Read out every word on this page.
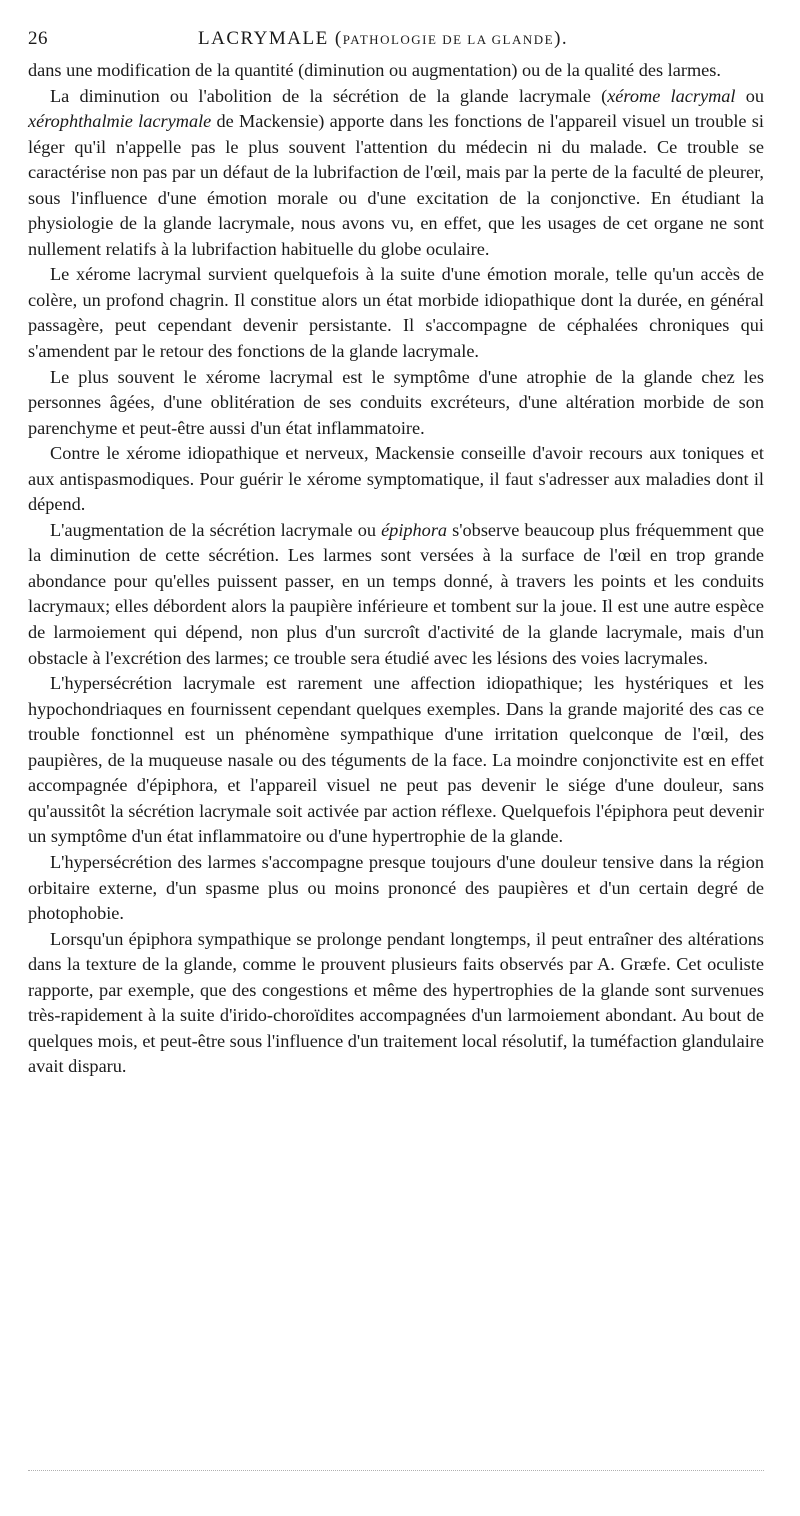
26	LACRYMALE (PATHOLOGIE DE LA GLANDE).

dans une modification de la quantité (diminution ou augmentation) ou de la qualité des larmes.

La diminution ou l'abolition de la sécrétion de la glande lacrymale (xérome lacrymal ou xérophthalmie lacrymale de Mackensie) apporte dans les fonctions de l'appareil visuel un trouble si léger qu'il n'appelle pas le plus souvent l'attention du médecin ni du malade. Ce trouble se caractérise non pas par un défaut de la lubrifaction de l'œil, mais par la perte de la faculté de pleurer, sous l'influence d'une émotion morale ou d'une excitation de la conjonctive. En étudiant la physiologie de la glande lacrymale, nous avons vu, en effet, que les usages de cet organe ne sont nullement relatifs à la lubrifaction habituelle du globe oculaire.

Le xérome lacrymal survient quelquefois à la suite d'une émotion morale, telle qu'un accès de colère, un profond chagrin. Il constitue alors un état morbide idiopathique dont la durée, en général passagère, peut cependant devenir persistante. Il s'accompagne de céphalées chroniques qui s'amendent par le retour des fonctions de la glande lacrymale.

Le plus souvent le xérome lacrymal est le symptôme d'une atrophie de la glande chez les personnes âgées, d'une oblitération de ses conduits excréteurs, d'une altération morbide de son parenchyme et peut-être aussi d'un état inflammatoire.

Contre le xérome idiopathique et nerveux, Mackensie conseille d'avoir recours aux toniques et aux antispasmodiques. Pour guérir le xérome symptomatique, il faut s'adresser aux maladies dont il dépend.

L'augmentation de la sécrétion lacrymale ou épiphora s'observe beaucoup plus fréquemment que la diminution de cette sécrétion. Les larmes sont versées à la surface de l'œil en trop grande abondance pour qu'elles puissent passer, en un temps donné, à travers les points et les conduits lacrymaux; elles débordent alors la paupière inférieure et tombent sur la joue. Il est une autre espèce de larmoiement qui dépend, non plus d'un surcroît d'activité de la glande lacrymale, mais d'un obstacle à l'excrétion des larmes; ce trouble sera étudié avec les lésions des voies lacrymales.

L'hypersécrétion lacrymale est rarement une affection idiopathique; les hystériques et les hypochondriaques en fournissent cependant quelques exemples. Dans la grande majorité des cas ce trouble fonctionnel est un phénomène sympathique d'une irritation quelconque de l'œil, des paupières, de la muqueuse nasale ou des téguments de la face. La moindre conjonctivite est en effet accompagnée d'épiphora, et l'appareil visuel ne peut pas devenir le siége d'une douleur, sans qu'aussitôt la sécrétion lacrymale soit activée par action réflexe. Quelquefois l'épiphora peut devenir un symptôme d'un état inflammatoire ou d'une hypertrophie de la glande.

L'hypersécrétion des larmes s'accompagne presque toujours d'une douleur tensive dans la région orbitaire externe, d'un spasme plus ou moins prononcé des paupières et d'un certain degré de photophobie.

Lorsqu'un épiphora sympathique se prolonge pendant longtemps, il peut entraîner des altérations dans la texture de la glande, comme le prouvent plusieurs faits observés par A. Græfe. Cet oculiste rapporte, par exemple, que des congestions et même des hypertrophies de la glande sont survenues très-rapidement à la suite d'irido-choroïdites accompagnées d'un larmoiement abondant. Au bout de quelques mois, et peut-être sous l'influence d'un traitement local résolutif, la tuméfaction glandulaire avait disparu.
